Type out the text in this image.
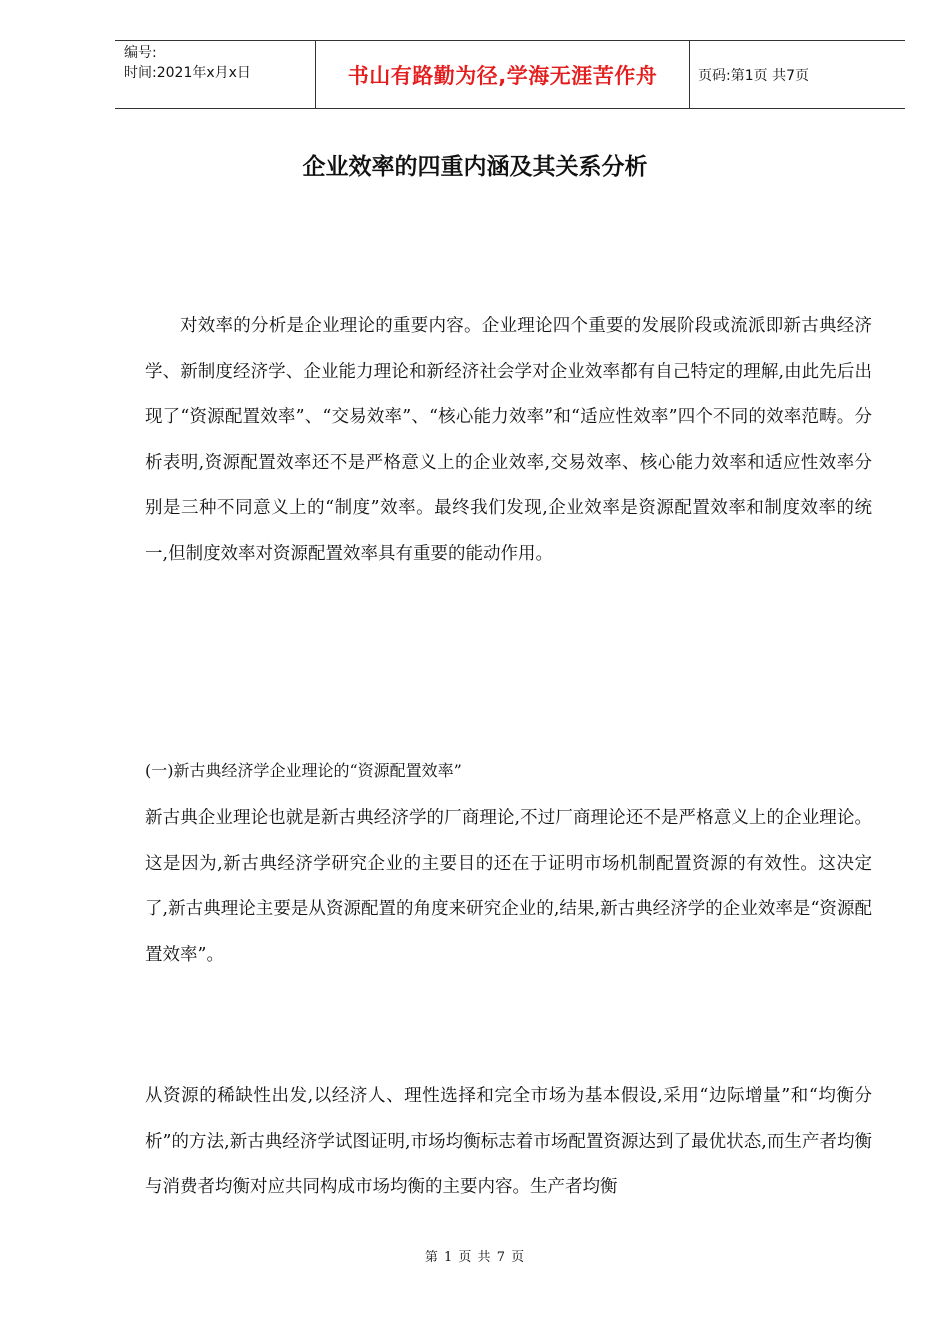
编号:
时间:2021年x月x日	书山有路勤为径,学海无涯苦作舟	页码:第1页 共7页
企业效率的四重内涵及其关系分析

对效率的分析是企业理论的重要内容。企业理论四个重要的发展阶段或流派即新古典经济学、新制度经济学、企业能力理论和新经济社会学对企业效率都有自己特定的理解,由此先后出现了“资源配置效率”、“交易效率”、“核心能力效率”和“适应性效率”四个不同的效率范畴。分析表明,资源配置效率还不是严格意义上的企业效率,交易效率、核心能力效率和适应性效率分别是三种不同意义上的“制度”效率。最终我们发现,企业效率是资源配置效率和制度效率的统一,但制度效率对资源配置效率具有重要的能动作用。

(一)新古典经济学企业理论的“资源配置效率”

新古典企业理论也就是新古典经济学的厂商理论,不过厂商理论还不是严格意义上的企业理论。这是因为,新古典经济学研究企业的主要目的还在于证明市场机制配置资源的有效性。这决定了,新古典理论主要是从资源配置的角度来研究企业的,结果,新古典经济学的企业效率是“资源配置效率”。

从资源的稀缺性出发,以经济人、理性选择和完全市场为基本假设,采用“边际增量”和“均衡分析”的方法,新古典经济学试图证明,市场均衡标志着市场配置资源达到了最优状态,而生产者均衡与消费者均衡对应共同构成市场均衡的主要内容。生产者均衡

第 1 页 共 7 页
